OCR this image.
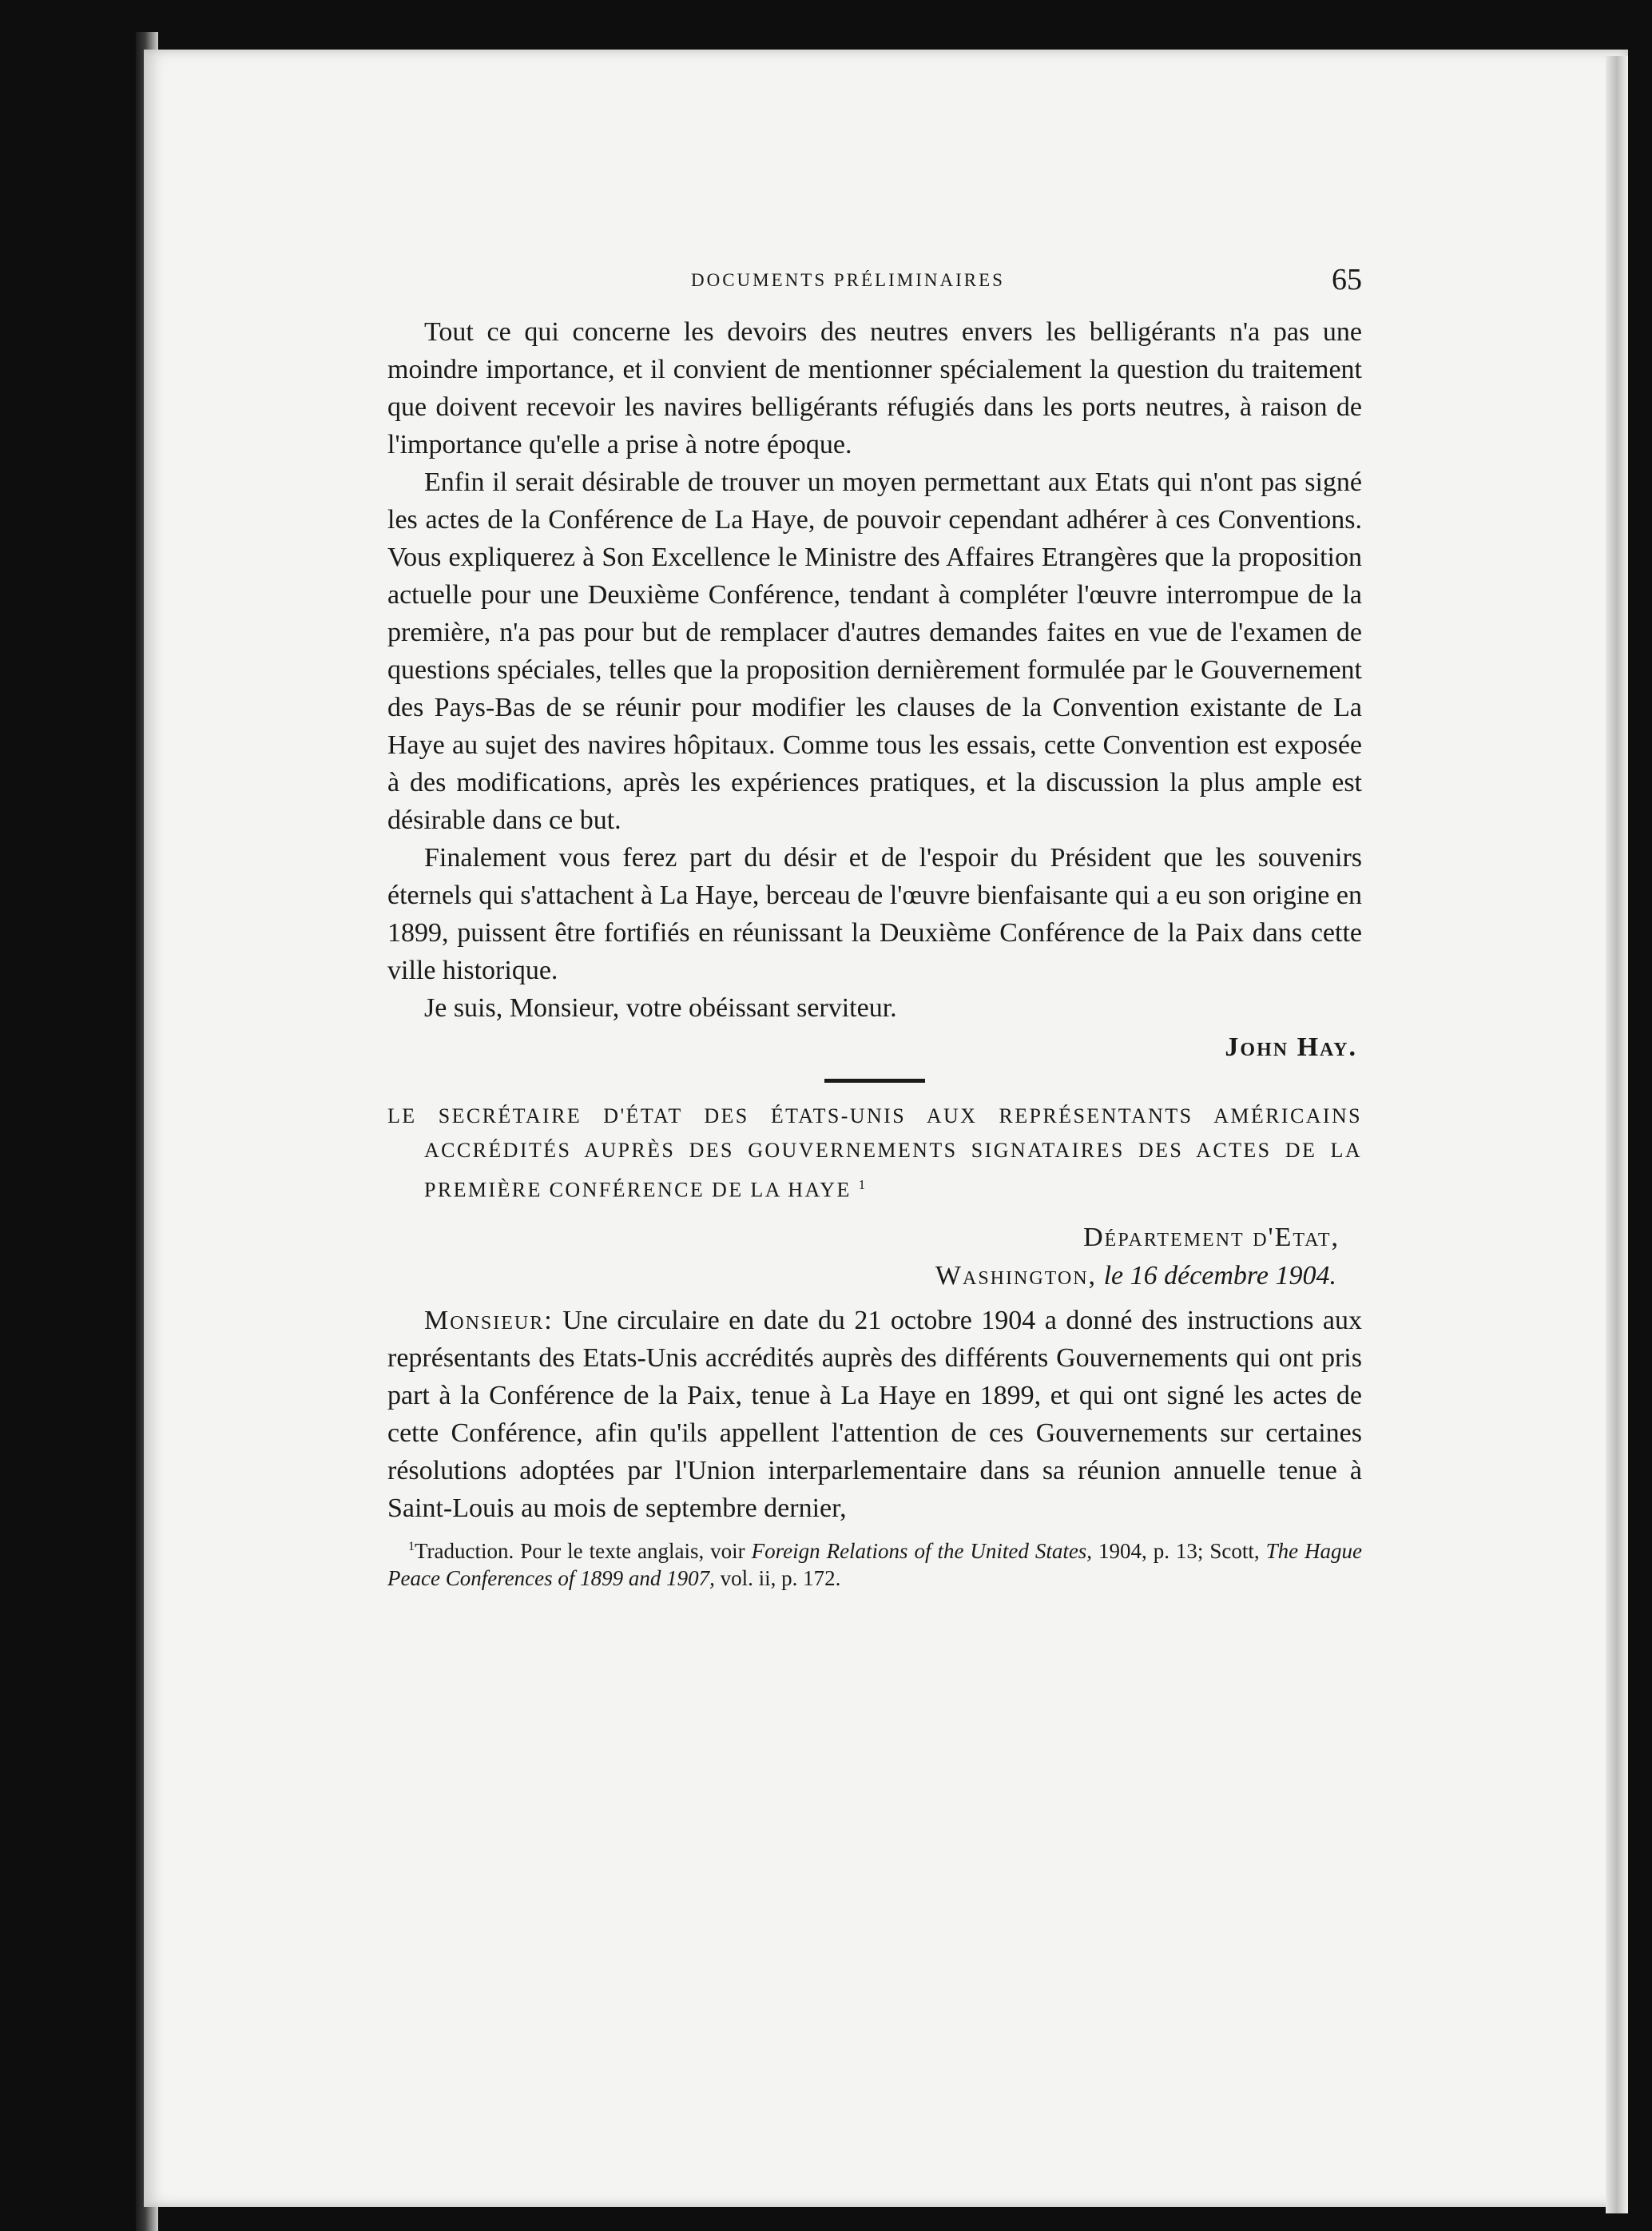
DOCUMENTS PRÉLIMINAIRES	65

Tout ce qui concerne les devoirs des neutres envers les belligérants n'a pas une moindre importance, et il convient de mentionner spécialement la question du traitement que doivent recevoir les navires belligérants réfugiés dans les ports neutres, à raison de l'importance qu'elle a prise à notre époque.

Enfin il serait désirable de trouver un moyen permettant aux Etats qui n'ont pas signé les actes de la Conférence de La Haye, de pouvoir cependant adhérer à ces Conventions. Vous expliquerez à Son Excellence le Ministre des Affaires Etrangères que la proposition actuelle pour une Deuxième Conférence, tendant à compléter l'œuvre interrompue de la première, n'a pas pour but de remplacer d'autres demandes faites en vue de l'examen de questions spéciales, telles que la proposition dernièrement formulée par le Gouvernement des Pays-Bas de se réunir pour modifier les clauses de la Convention existante de La Haye au sujet des navires hôpitaux. Comme tous les essais, cette Convention est exposée à des modifications, après les expériences pratiques, et la discussion la plus ample est désirable dans ce but.

Finalement vous ferez part du désir et de l'espoir du Président que les souvenirs éternels qui s'attachent à La Haye, berceau de l'œuvre bienfaisante qui a eu son origine en 1899, puissent être fortifiés en réunissant la Deuxième Conférence de la Paix dans cette ville historique.

Je suis, Monsieur, votre obéissant serviteur.

John Hay.

LE SECRÉTAIRE D'ÉTAT DES ÉTATS-UNIS AUX REPRÉSENTANTS AMÉRICAINS ACCRÉDITÉS AUPRÈS DES GOUVERNEMENTS SIGNATAIRES DES ACTES DE LA PREMIÈRE CONFÉRENCE DE LA HAYE $^1$

Département d'Etat,
Washington, le 16 décembre 1904.

Monsieur: Une circulaire en date du 21 octobre 1904 a donné des instructions aux représentants des Etats-Unis accrédités auprès des différents Gouvernements qui ont pris part à la Conférence de la Paix, tenue à La Haye en 1899, et qui ont signé les actes de cette Conférence, afin qu'ils appellent l'attention de ces Gouvernements sur certaines résolutions adoptées par l'Union interparlementaire dans sa réunion annuelle tenue à Saint-Louis au mois de septembre dernier,

$^1$Traduction. Pour le texte anglais, voir Foreign Relations of the United States, 1904, p. 13; Scott, The Hague Peace Conferences of 1899 and 1907, vol. ii, p. 172.
